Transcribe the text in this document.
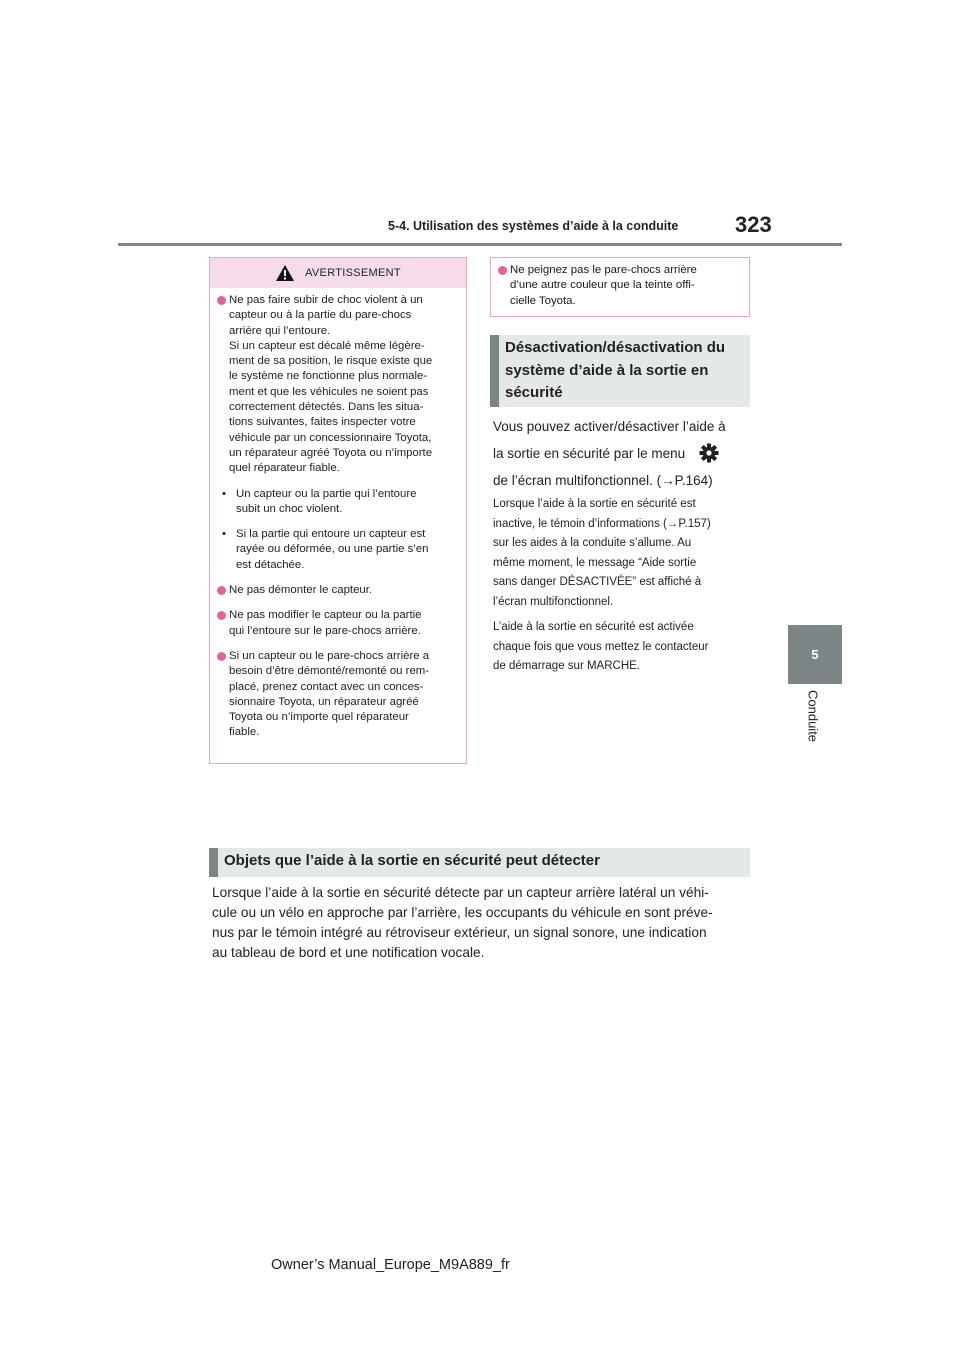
5-4. Utilisation des systèmes d’aide à la conduite	323
5
Conduite
AVERTISSEMENT
Ne pas faire subir de choc violent à un
capteur ou à la partie du pare-chocs
arrière qui l’entoure.
Si un capteur est décalé même légère-
ment de sa position, le risque existe que
le système ne fonctionne plus normale-
ment et que les véhicules ne soient pas
correctement détectés. Dans les situa-
tions suivantes, faites inspecter votre
véhicule par un concessionnaire Toyota,
un réparateur agréé Toyota ou n’importe
quel réparateur fiable.
• Un capteur ou la partie qui l’entoure
subit un choc violent.
• Si la partie qui entoure un capteur est
rayée ou déformée, ou une partie s’en
est détachée.
Ne pas démonter le capteur.
Ne pas modifier le capteur ou la partie
qui l’entoure sur le pare-chocs arrière.
Si un capteur ou le pare-chocs arrière a
besoin d’être démonté/remonté ou rem-
placé, prenez contact avec un conces-
sionnaire Toyota, un réparateur agréé
Toyota ou n’importe quel réparateur
fiable.
Ne peignez pas le pare-chocs arrière
d’une autre couleur que la teinte offi-
cielle Toyota.
Désactivation/désactivation du
système d’aide à la sortie en
sécurité
Vous pouvez activer/désactiver l’aide à
la sortie en sécurité par le menu
de l’écran multifonctionnel. (→P.164)
Lorsque l’aide à la sortie en sécurité est
inactive, le témoin d’informations (→P.157)
sur les aides à la conduite s’allume. Au
même moment, le message “Aide sortie
sans danger DÉSACTIVÉE” est affiché à
l’écran multifonctionnel.
L’aide à la sortie en sécurité est activée
chaque fois que vous mettez le contacteur
de démarrage sur MARCHE.
Objets que l’aide à la sortie en sécurité peut détecter
Lorsque l’aide à la sortie en sécurité détecte par un capteur arrière latéral un véhi-
cule ou un vélo en approche par l’arrière, les occupants du véhicule en sont préve-
nus par le témoin intégré au rétroviseur extérieur, un signal sonore, une indication
au tableau de bord et une notification vocale.
Owner’s Manual_Europe_M9A889_fr
